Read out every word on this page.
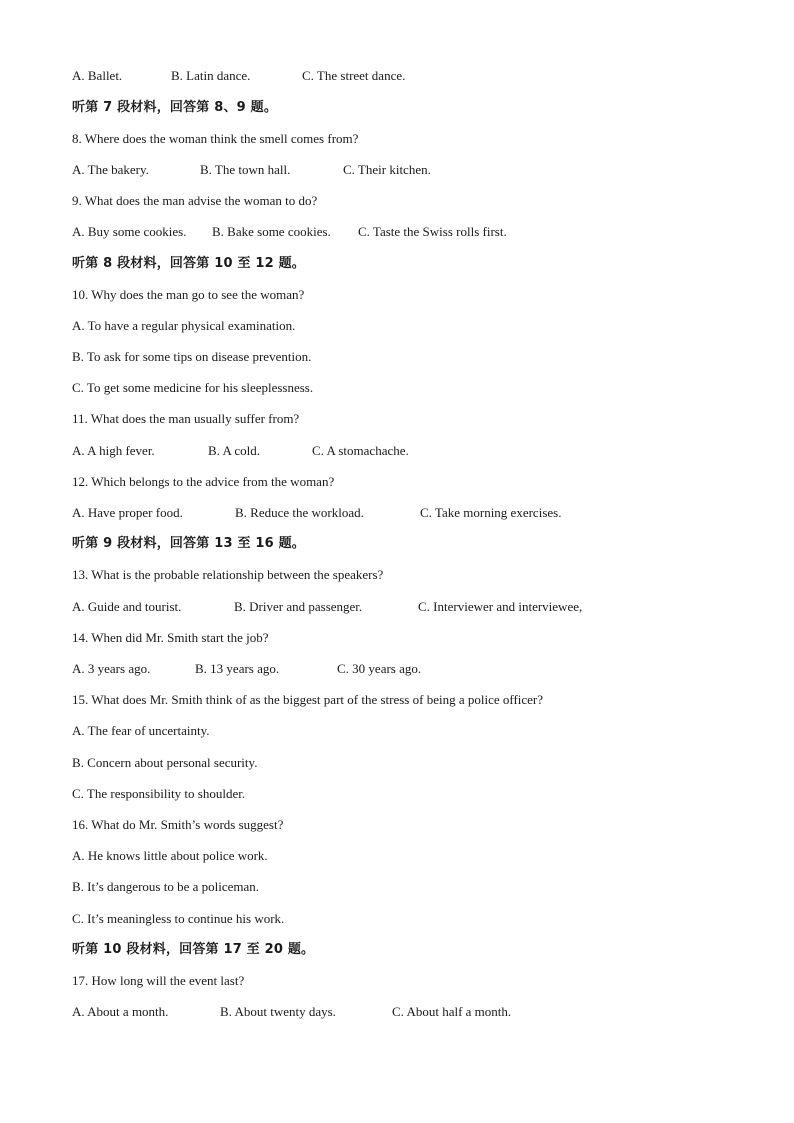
A. Ballet.	B. Latin dance.	C. The street dance.
听第 7 段材料，回答第 8、9 题。
8. Where does the woman think the smell comes from?
A. The bakery.	B. The town hall.	C. Their kitchen.
9. What does the man advise the woman to do?
A. Buy some cookies. B. Bake some cookies. C. Taste the Swiss rolls first.
听第 8 段材料，回答第 10 至 12 题。
10. Why does the man go to see the woman?
A. To have a regular physical examination.
B. To ask for some tips on disease prevention.
C. To get some medicine for his sleeplessness.
11. What does the man usually suffer from?
A. A high fever.	B. A cold.	C. A stomachache.
12. Which belongs to the advice from the woman?
A. Have proper food.	B. Reduce the workload.	C. Take morning exercises.
听第 9 段材料，回答第 13 至 16 题。
13. What is the probable relationship between the speakers?
A. Guide and tourist.	B. Driver and passenger.	C. Interviewer and interviewee,
14. When did Mr. Smith start the job?
A. 3 years ago.	B. 13 years ago.	C. 30 years ago.
15. What does Mr. Smith think of as the biggest part of the stress of being a police officer?
A. The fear of uncertainty.
B. Concern about personal security.
C. The responsibility to shoulder.
16. What do Mr. Smith’s words suggest?
A. He knows little about police work.
B. It’s dangerous to be a policeman.
C. It’s meaningless to continue his work.
听第 10 段材料，回答第 17 至 20 题。
17. How long will the event last?
A. About a month.	B. About twenty days.	C. About half a month.
